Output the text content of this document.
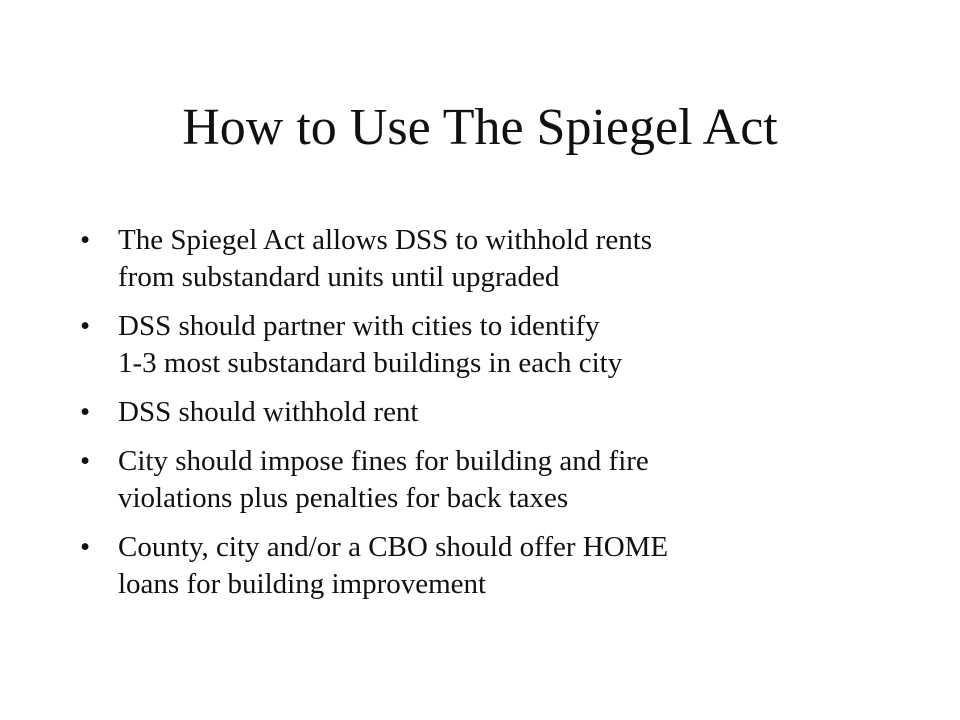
How to Use The Spiegel Act
• The Spiegel Act allows DSS to withhold rents
from substandard units until upgraded
• DSS should partner with cities to identify
1-3 most substandard buildings in each city
• DSS should withhold rent
• City should impose fines for building and fire
violations plus penalties for back taxes
• County, city and/or a CBO should offer HOME
loans for building improvement
